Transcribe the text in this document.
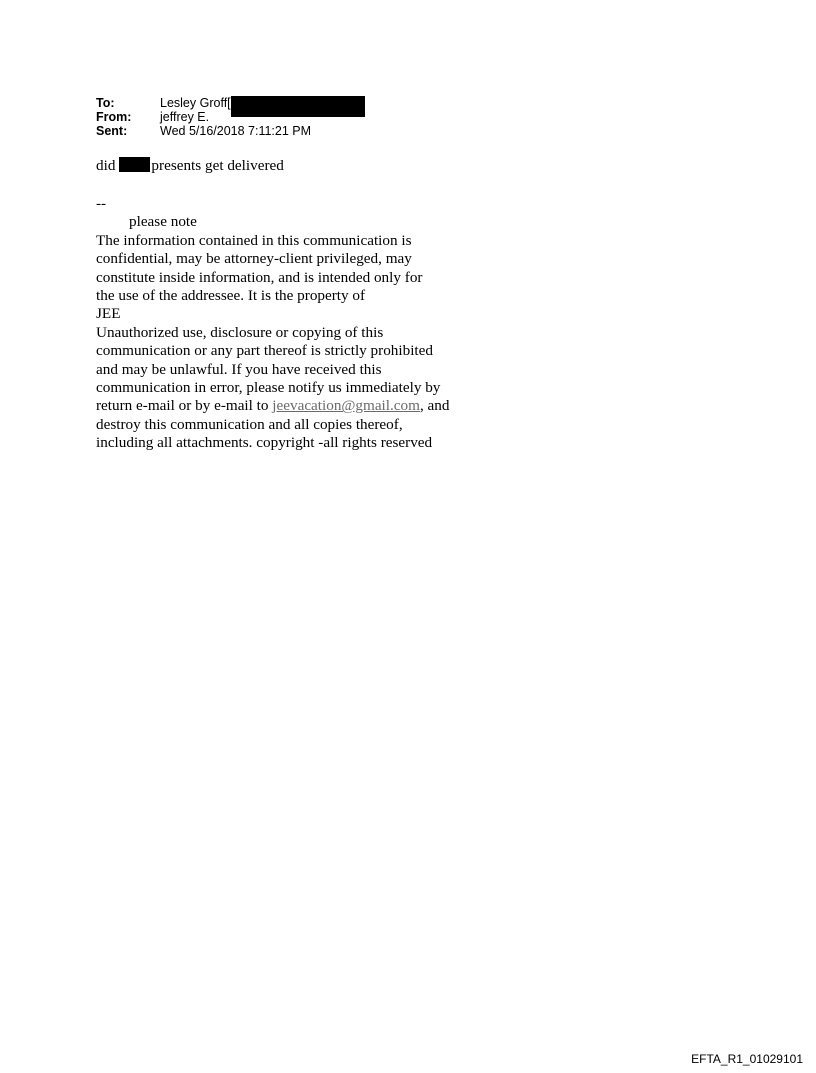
To:	Lesley Groff[
From:	jeffrey E.
Sent:	Wed 5/16/2018 7:11:21 PM
did presents get delivered
--
please note
The information contained in this communication is
confidential, may be attorney-client privileged, may
constitute inside information, and is intended only for
the use of the addressee. It is the property of
JEE
Unauthorized use, disclosure or copying of this
communication or any part thereof is strictly prohibited
and may be unlawful. If you have received this
communication in error, please notify us immediately by
return e-mail or by e-mail to jeevacation@gmail.com, and
destroy this communication and all copies thereof,
including all attachments. copyright -all rights reserved
EFTA_R1_01029101
